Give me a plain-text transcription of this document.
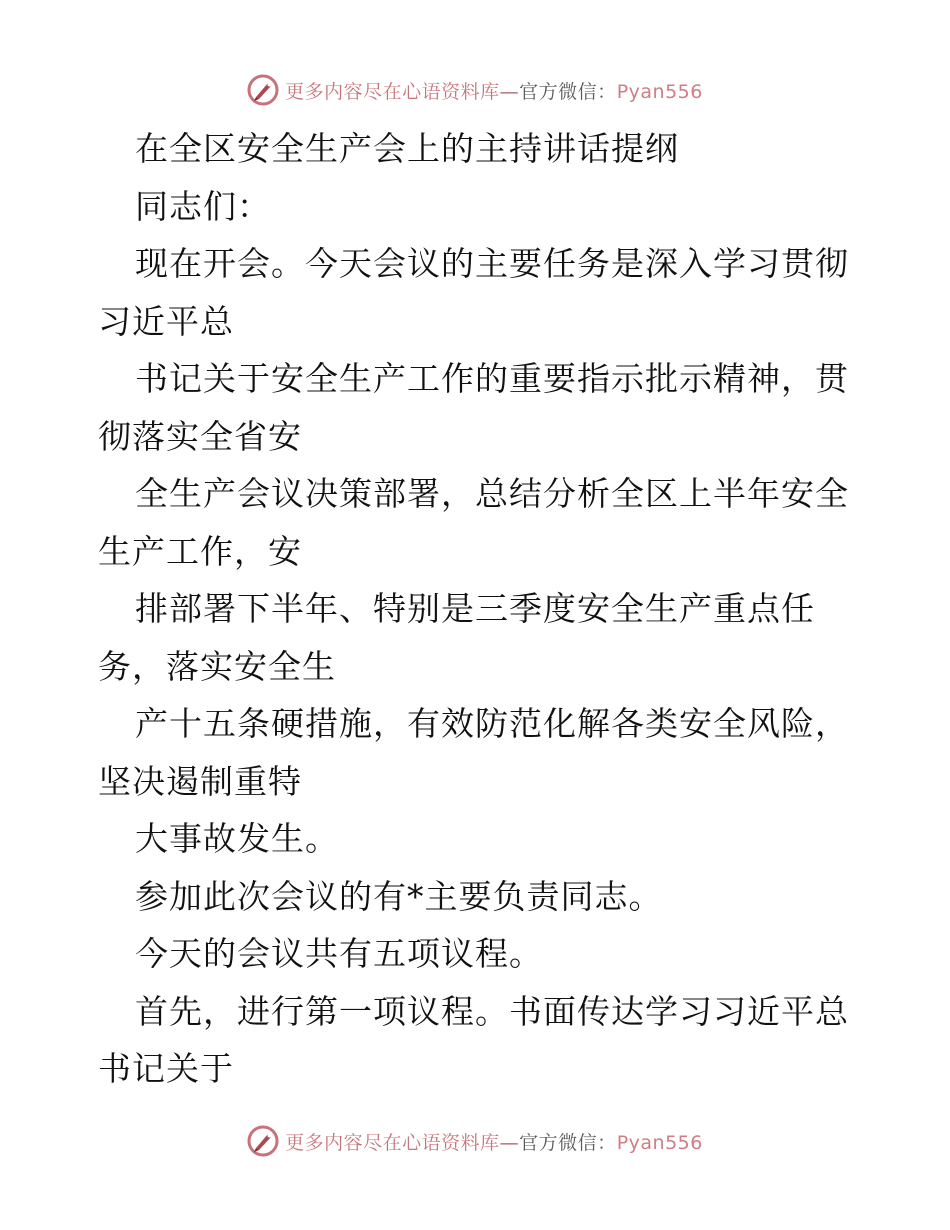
更多内容尽在心语资料库—官方微信：Pyan556
在全区安全生产会上的主持讲话提纲
同志们：
现在开会。今天会议的主要任务是深入学习贯彻
习近平总
书记关于安全生产工作的重要指示批示精神，贯
彻落实全省安
全生产会议决策部署，总结分析全区上半年安全
生产工作，安
排部署下半年、特别是三季度安全生产重点任
务，落实安全生
产十五条硬措施，有效防范化解各类安全风险，
坚决遏制重特
大事故发生。
参加此次会议的有*主要负责同志。
今天的会议共有五项议程。
首先，进行第一项议程。书面传达学习习近平总
书记关于
更多内容尽在心语资料库—官方微信：Pyan556
